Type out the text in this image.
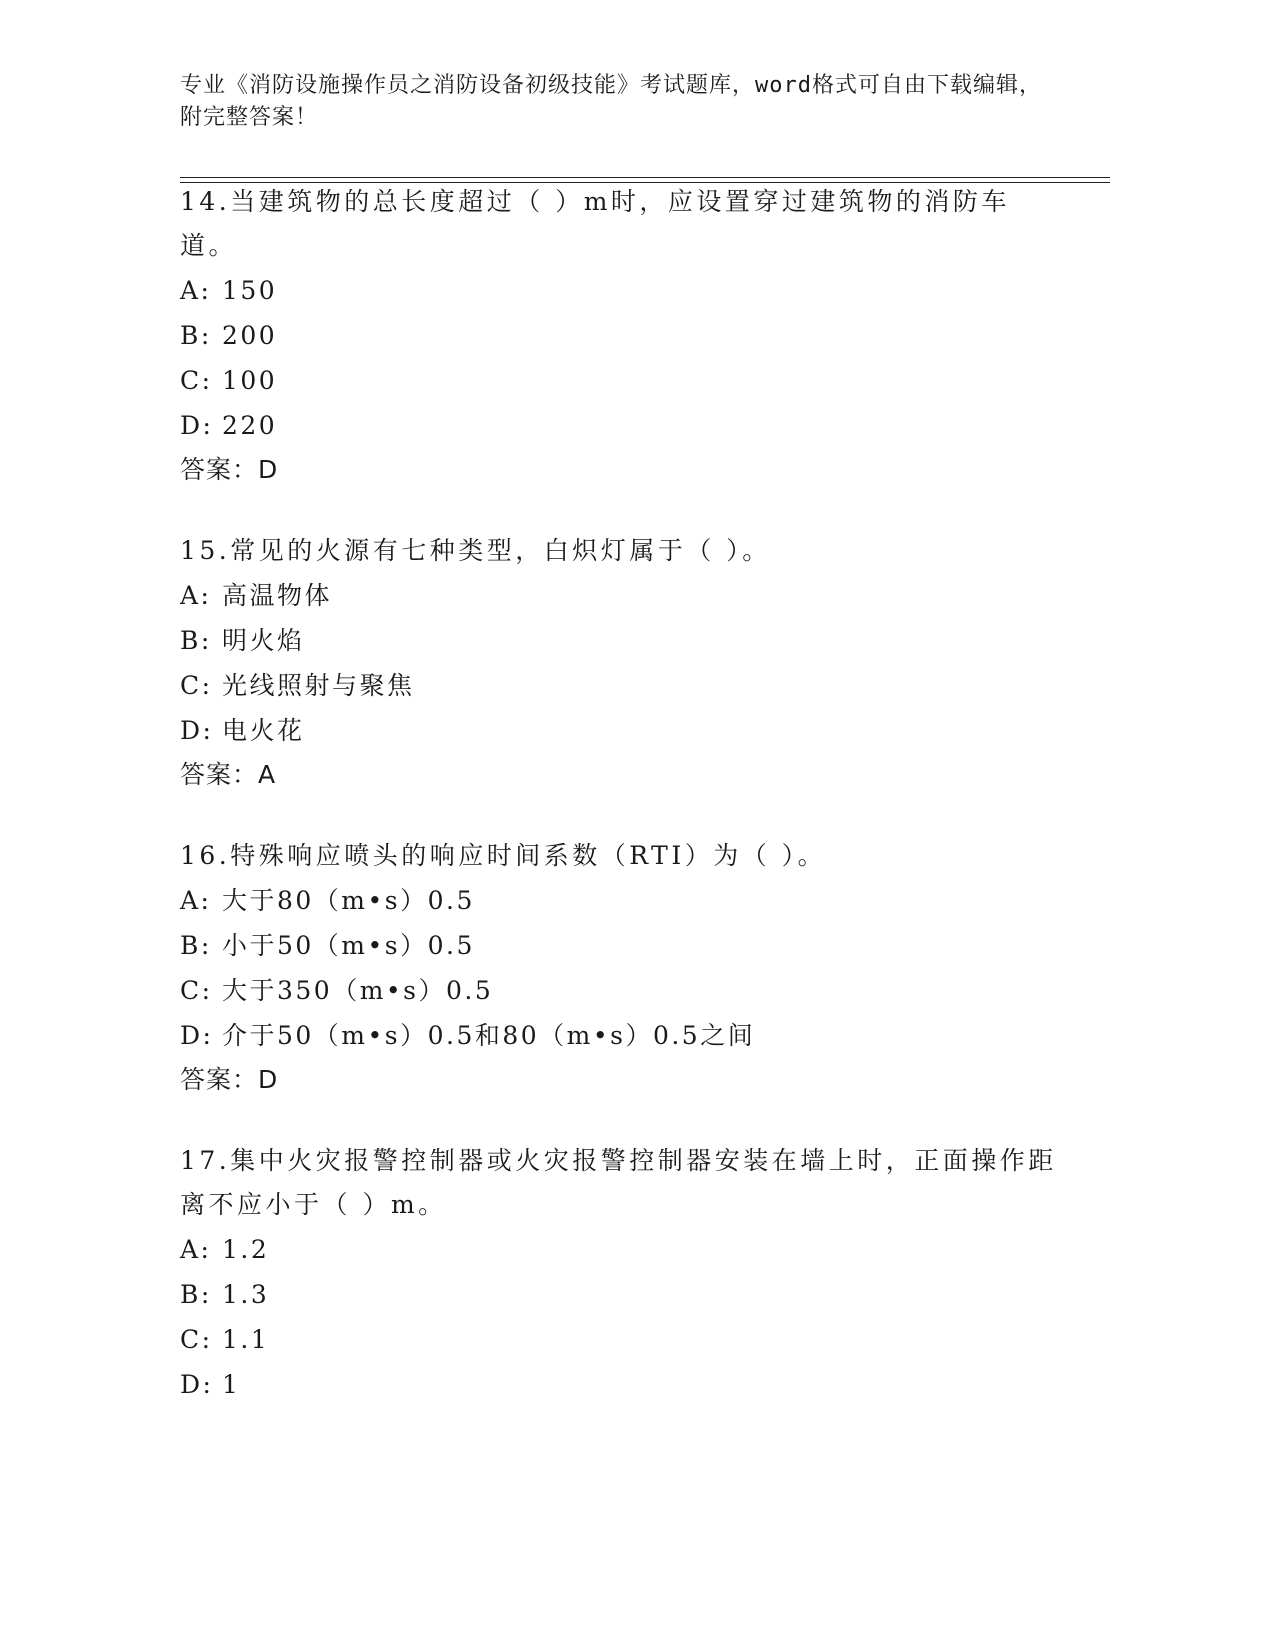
专业《消防设施操作员之消防设备初级技能》考试题库，word格式可自由下载编辑，附完整答案！
14.当建筑物的总长度超过（ ）m时，应设置穿过建筑物的消防车道。
A: 150
B: 200
C: 100
D: 220
答案：D
15.常见的火源有七种类型，白炽灯属于（ ）。
A: 高温物体
B: 明火焰
C: 光线照射与聚焦
D: 电火花
答案：A
16.特殊响应喷头的响应时间系数（RTI）为（ ）。
A: 大于80（m•s）0.5
B: 小于50（m•s）0.5
C: 大于350（m•s）0.5
D: 介于50（m•s）0.5和80（m•s）0.5之间
答案：D
17.集中火灾报警控制器或火灾报警控制器安装在墙上时，正面操作距离不应小于（ ）m。
A: 1.2
B: 1.3
C: 1.1
D: 1
